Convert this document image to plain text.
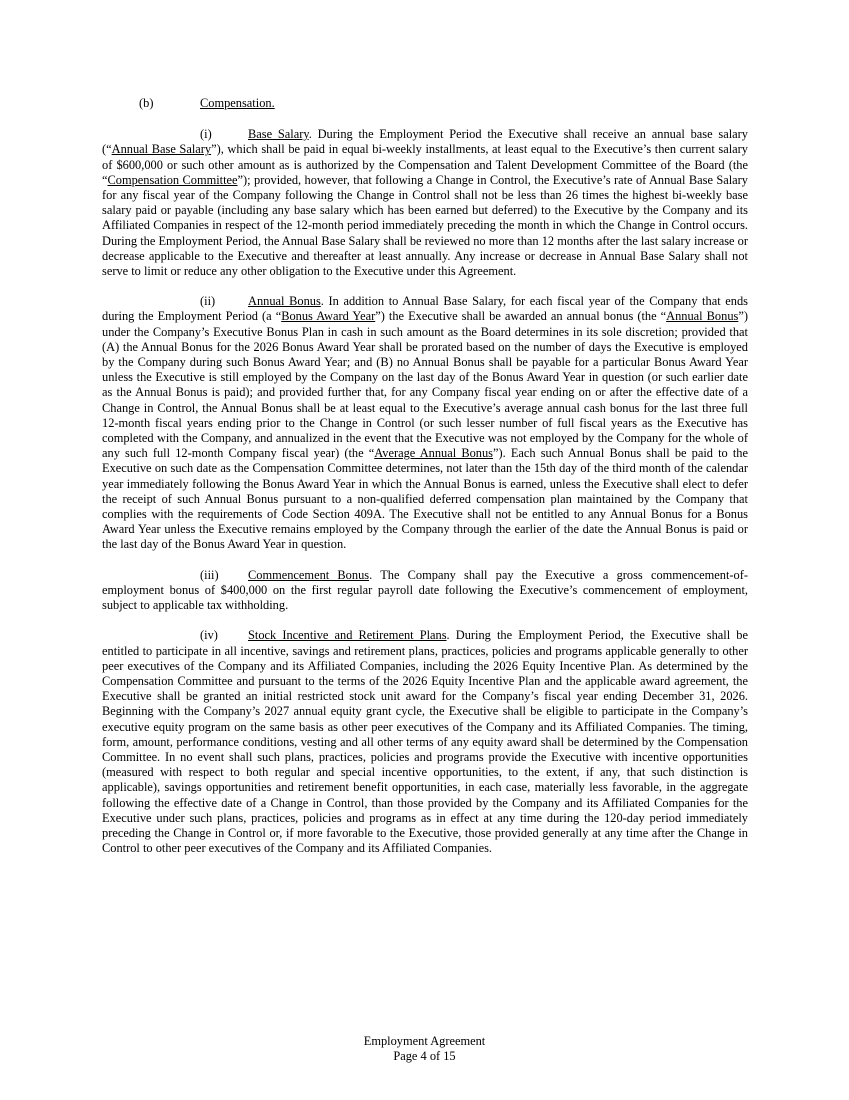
(b)	Compensation.

(i)	Base Salary. During the Employment Period the Executive shall receive an annual base salary (“Annual Base Salary”), which shall be paid in equal bi-weekly installments, at least equal to the Executive’s then current salary of $600,000 or such other amount as is authorized by the Compensation and Talent Development Committee of the Board (the “Compensation Committee”); provided, however, that following a Change in Control, the Executive’s rate of Annual Base Salary for any fiscal year of the Company following the Change in Control shall not be less than 26 times the highest bi-weekly base salary paid or payable (including any base salary which has been earned but deferred) to the Executive by the Company and its Affiliated Companies in respect of the 12-month period immediately preceding the month in which the Change in Control occurs. During the Employment Period, the Annual Base Salary shall be reviewed no more than 12 months after the last salary increase or decrease applicable to the Executive and thereafter at least annually. Any increase or decrease in Annual Base Salary shall not serve to limit or reduce any other obligation to the Executive under this Agreement.

(ii)	Annual Bonus. In addition to Annual Base Salary, for each fiscal year of the Company that ends during the Employment Period (a “Bonus Award Year”) the Executive shall be awarded an annual bonus (the “Annual Bonus”) under the Company’s Executive Bonus Plan in cash in such amount as the Board determines in its sole discretion; provided that (A) the Annual Bonus for the 2026 Bonus Award Year shall be prorated based on the number of days the Executive is employed by the Company during such Bonus Award Year; and (B) no Annual Bonus shall be payable for a particular Bonus Award Year unless the Executive is still employed by the Company on the last day of the Bonus Award Year in question (or such earlier date as the Annual Bonus is paid); and provided further that, for any Company fiscal year ending on or after the effective date of a Change in Control, the Annual Bonus shall be at least equal to the Executive’s average annual cash bonus for the last three full 12-month fiscal years ending prior to the Change in Control (or such lesser number of full fiscal years as the Executive has completed with the Company, and annualized in the event that the Executive was not employed by the Company for the whole of any such full 12-month Company fiscal year) (the “Average Annual Bonus”). Each such Annual Bonus shall be paid to the Executive on such date as the Compensation Committee determines, not later than the 15th day of the third month of the calendar year immediately following the Bonus Award Year in which the Annual Bonus is earned, unless the Executive shall elect to defer the receipt of such Annual Bonus pursuant to a non-qualified deferred compensation plan maintained by the Company that complies with the requirements of Code Section 409A. The Executive shall not be entitled to any Annual Bonus for a Bonus Award Year unless the Executive remains employed by the Company through the earlier of the date the Annual Bonus is paid or the last day of the Bonus Award Year in question.

(iii) Commencement Bonus. The Company shall pay the Executive a gross commencement-of-employment bonus of $400,000 on the first regular payroll date following the Executive’s commencement of employment, subject to applicable tax withholding.

(iv) Stock Incentive and Retirement Plans. During the Employment Period, the Executive shall be entitled to participate in all incentive, savings and retirement plans, practices, policies and programs applicable generally to other peer executives of the Company and its Affiliated Companies, including the 2026 Equity Incentive Plan. As determined by the Compensation Committee and pursuant to the terms of the 2026 Equity Incentive Plan and the applicable award agreement, the Executive shall be granted an initial restricted stock unit award for the Company’s fiscal year ending December 31, 2026. Beginning with the Company’s 2027 annual equity grant cycle, the Executive shall be eligible to participate in the Company’s executive equity program on the same basis as other peer executives of the Company and its Affiliated Companies. The timing, form, amount, performance conditions, vesting and all other terms of any equity award shall be determined by the Compensation Committee. In no event shall such plans, practices, policies and programs provide the Executive with incentive opportunities (measured with respect to both regular and special incentive opportunities, to the extent, if any, that such distinction is applicable), savings opportunities and retirement benefit opportunities, in each case, materially less favorable, in the aggregate following the effective date of a Change in Control, than those provided by the Company and its Affiliated Companies for the Executive under such plans, practices, policies and programs as in effect at any time during the 120-day period immediately preceding the Change in Control or, if more favorable to the Executive, those provided generally at any time after the Change in Control to other peer executives of the Company and its Affiliated Companies.

Employment Agreement
Page 4 of 15
